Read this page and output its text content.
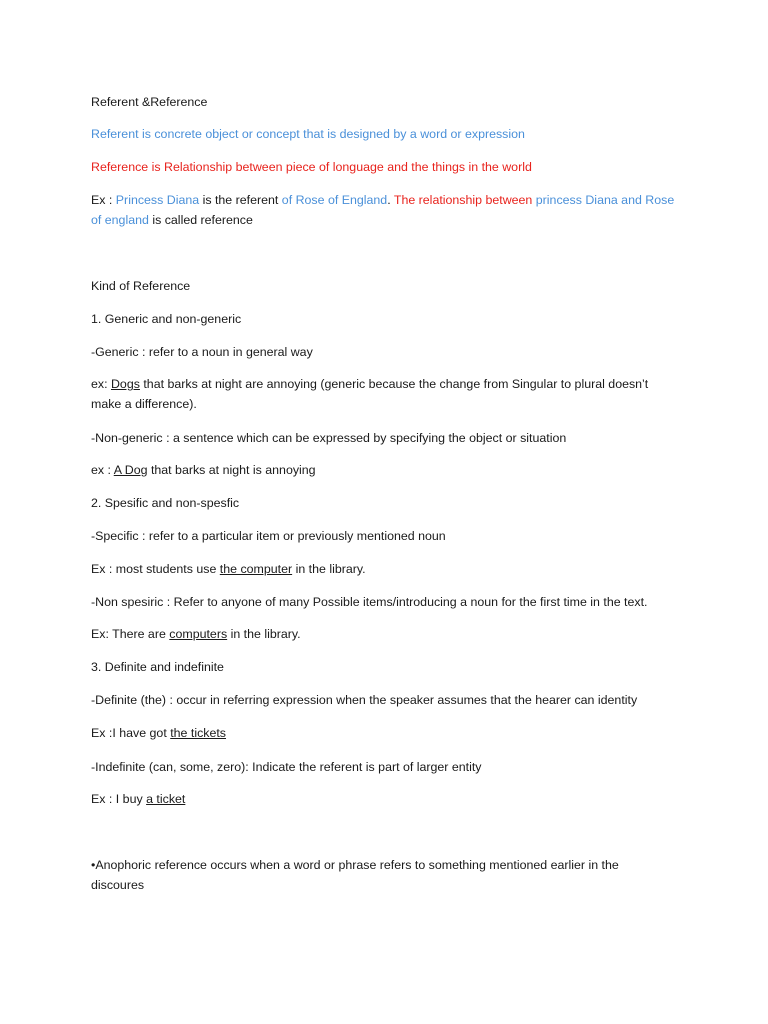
Referent &Reference
Referent is concrete object or concept that is designed by a word or expression
Reference is Relationship between piece of longuage and the things in the world
Ex : Princess Diana is the referent of Rose of England. The relationship between princess Diana and Rose
of england is called reference
Kind of Reference
1. Generic and non-generic
-Generic : refer to a noun in general way
ex: Dogs that barks at night are annoying (generic because the change from Singular to plural doesn’t
make a difference).
-Non-generic : a sentence which can be expressed by specifying the object or situation
ex : A Dog that barks at night is annoying
2. Spesific and non-spesfic
-Specific : refer to a particular item or previously mentioned noun
Ex : most students use the computer in the library.
-Non spesiric : Refer to anyone of many Possible items/introducing a noun for the first time in the text.
Ex: There are computers in the library.
3. Definite and indefinite
-Definite (the) : occur in referring expression when the speaker assumes that the hearer can identity
Ex :I have got the tickets
-Indefinite (can, some, zero): Indicate the referent is part of larger entity
Ex : I buy a ticket
•Anophoric reference occurs when a word or phrase refers to something mentioned earlier in the
discoures
